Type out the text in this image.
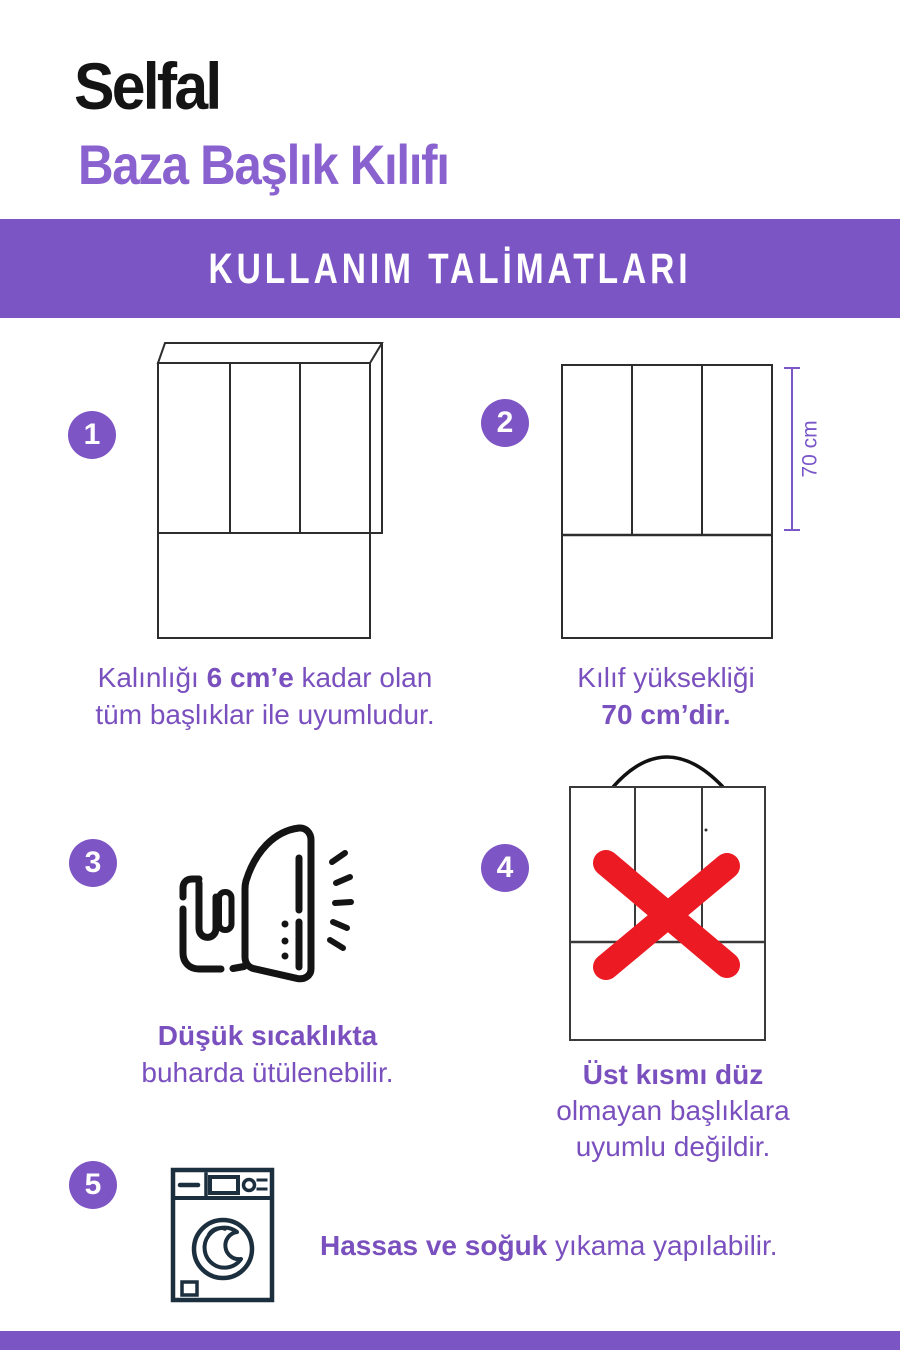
Selfal
Baza Başlık Kılıfı
KULLANIM TALİMATLARI
1	2
3	4
5
70 cm
Kalınlığı 6 cm’e kadar olan
tüm başlıklar ile uyumludur.
Kılıf yüksekliği
70 cm’dir.
Düşük sıcaklıkta
buharda ütülenebilir.	Üst kısmı düz
olmayan başlıklara
uyumlu değildir.
Hassas ve soğuk yıkama yapılabilir.
